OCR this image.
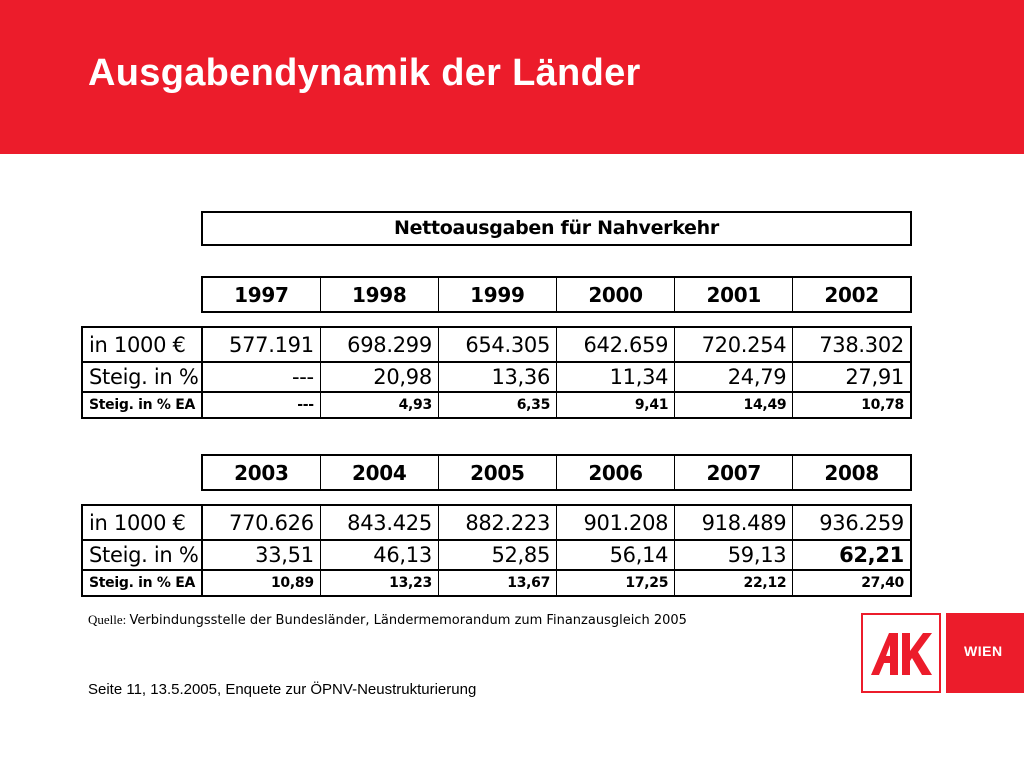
Ausgabendynamik der Länder
Nettoausgaben für Nahverkehr
1997	1998	1999	2000	2001	2002
in 1000 €	577.191	698.299	654.305	642.659	720.254	738.302
Steig. in %	---	20,98	13,36	11,34	24,79	27,91
Steig. in % EA	---	4,93	6,35	9,41	14,49	10,78
2003	2004	2005	2006	2007	2008
in 1000 €	770.626	843.425	882.223	901.208	918.489	936.259
Steig. in %	33,51	46,13	52,85	56,14	59,13	62,21
Steig. in % EA	10,89	13,23	13,67	17,25	22,12	27,40
Quelle: Verbindungsstelle der Bundesländer, Ländermemorandum zum Finanzausgleich 2005
Seite 11, 13.5.2005, Enquete zur ÖPNV-Neustrukturierung
WIEN
